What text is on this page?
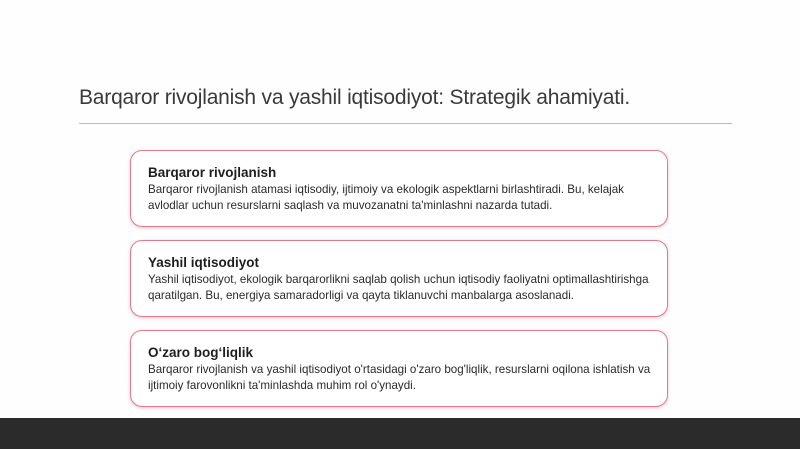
Barqaror rivojlanish va yashil iqtisodiyot: Strategik ahamiyati.
Barqaror rivojlanish
Barqaror rivojlanish atamasi iqtisodiy, ijtimoiy va ekologik aspektlarni birlashtiradi. Bu, kelajak avlodlar uchun resurslarni saqlash va muvozanatni ta'minlashni nazarda tutadi.
Yashil iqtisodiyot
Yashil iqtisodiyot, ekologik barqarorlikni saqlab qolish uchun iqtisodiy faoliyatni optimallashtirishga qaratilgan. Bu, energiya samaradorligi va qayta tiklanuvchi manbalarga asoslanadi.
O‘zaro bog‘liqlik
Barqaror rivojlanish va yashil iqtisodiyot o'rtasidagi o'zaro bog'liqlik, resurslarni oqilona ishlatish va ijtimoiy farovonlikni ta'minlashda muhim rol o'ynaydi.
